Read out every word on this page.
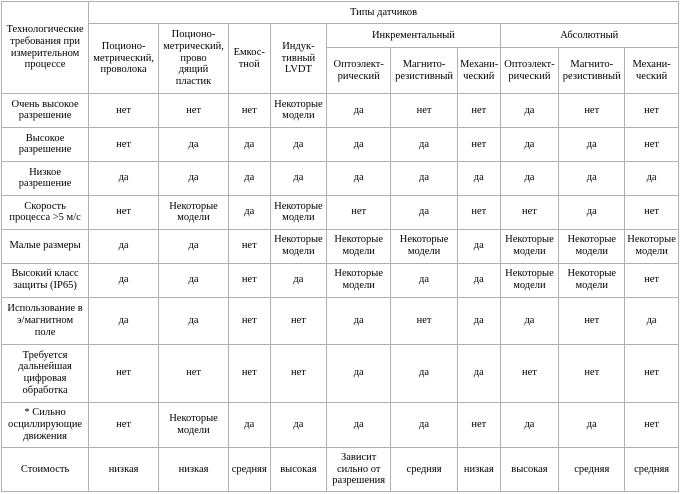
Технологические
требования при
измерительном
процессе	Типы датчиков									

	Поционо-
метрический,
проволока	Поционо-
метрический,
прово
дящий
пластик	Емкос-
тной	Индук-
тивный
LVDT	Инкрементальный			Абсолютный		

					Оптоэлект-
рический	Магнито-
резистивный	Механи-
ческий	Оптоэлект-
рический	Магнито-
резистивный	Механи-
ческий

Очень высокое
разрешение	нет	нет	нет	Некоторые
модели	да	нет	нет	да	нет	нет

Высокое
разрешение	нет	да	да	да	да	да	нет	да	да	нет

Низкое
разрешение	да	да	да	да	да	да	да	да	да	да

Скорость
процесса >5 м/с	нет	Некоторые
модели	да	Некоторые
модели	нет	да	нет	нет	да	нет

Малые размеры	да	да	нет	Некоторые
модели	Некоторые
модели	Некоторые
модели	да	Некоторые
модели	Некоторые
модели	Некоторые
модели

Высокий класс
защиты (IP65)	да	да	нет	да	Некоторые
модели	да	да	Некоторые
модели	Некоторые
модели	нет

Использование в
э/магнитном
поле	да	да	нет	нет	да	нет	да	да	нет	да

Требуется
дальнейшая
цифровая
обработка	нет	нет	нет	нет	да	да	да	нет	нет	нет

* Сильно
осциллирующие
движения	нет	Некоторые
модели	да	да	да	да	нет	да	да	нет

Стоимость	низкая	низкая	средняя	высокая	Зависит
сильно от
разрешения	средняя	низкая	высокая	средняя	средняя
